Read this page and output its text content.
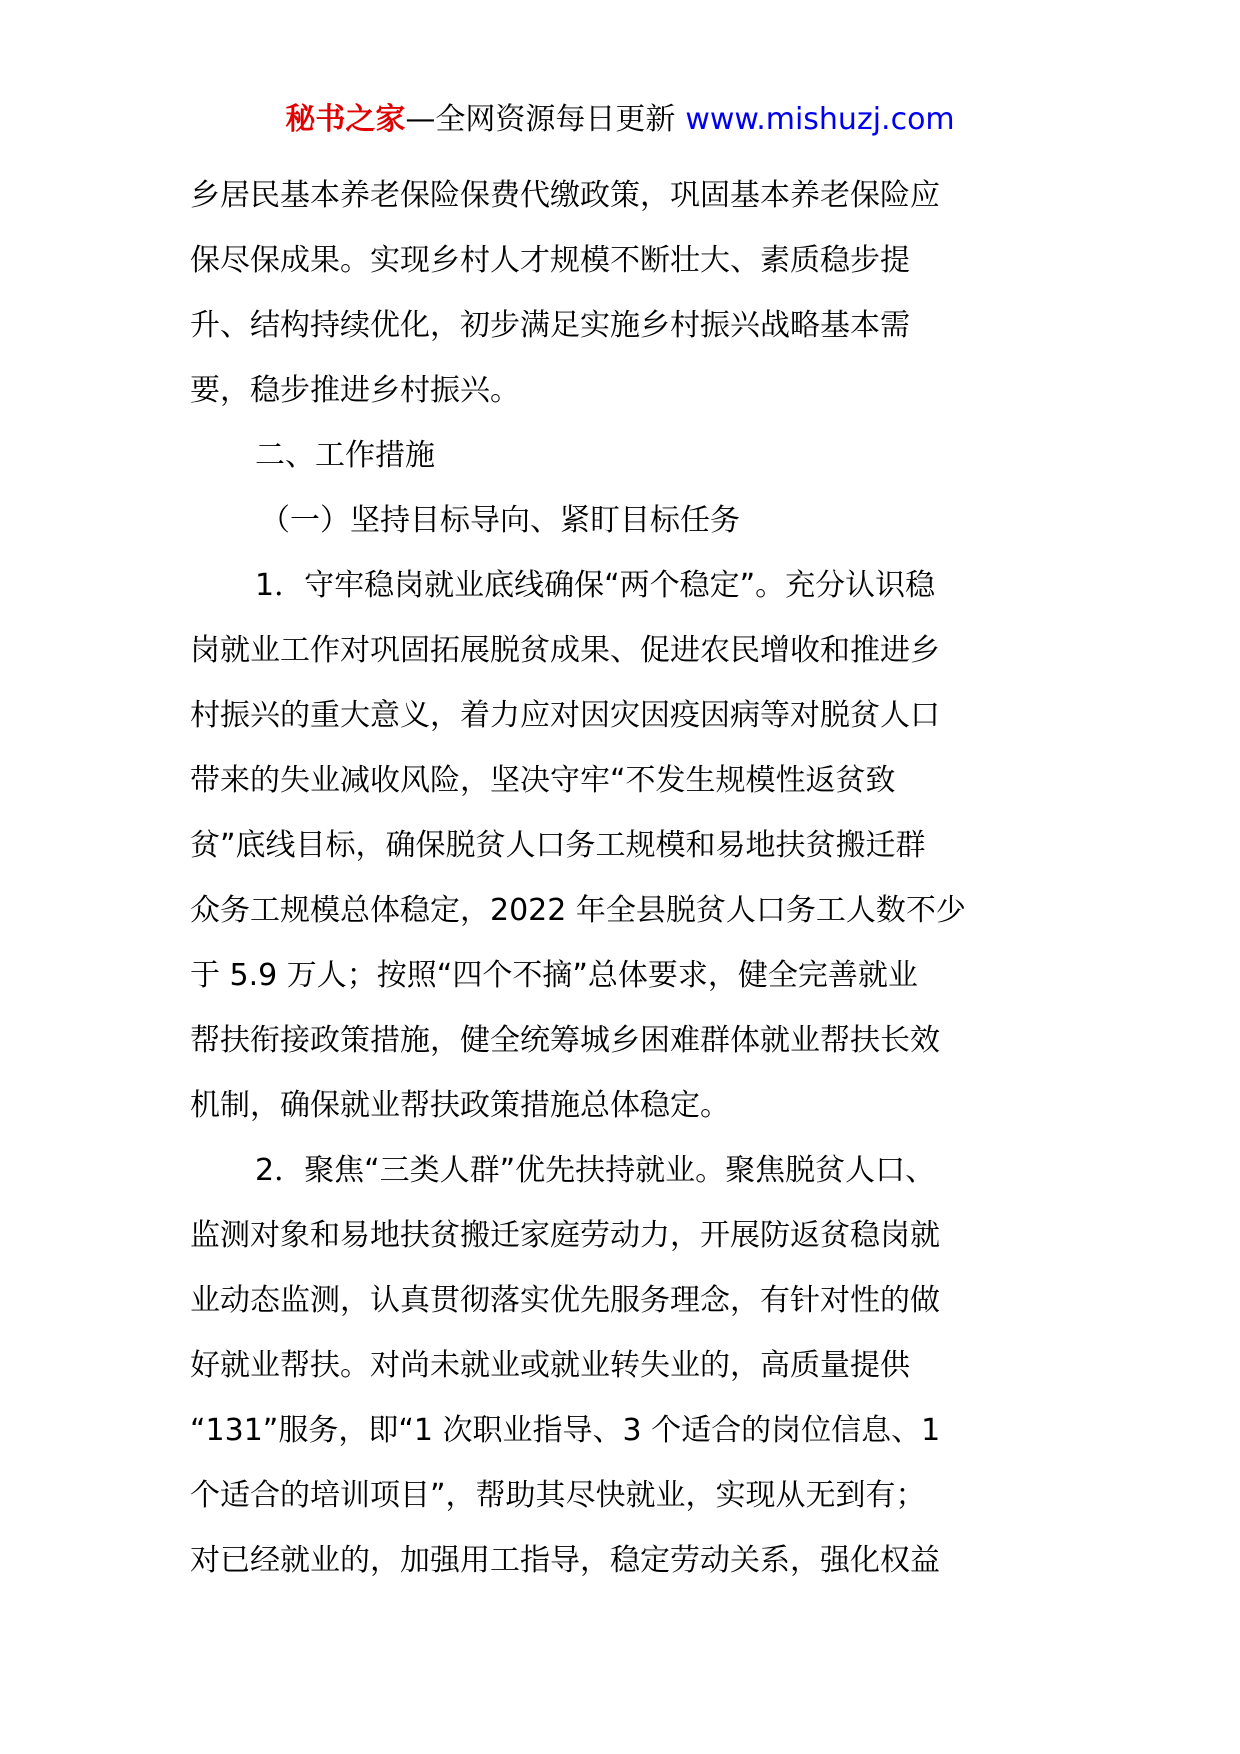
秘书之家—全网资源每日更新 www.mishuzj.com
乡居民基本养老保险保费代缴政策，巩固基本养老保险应
保尽保成果。实现乡村人才规模不断壮大、素质稳步提
升、结构持续优化，初步满足实施乡村振兴战略基本需
要，稳步推进乡村振兴。
二、工作措施
（一）坚持目标导向、紧盯目标任务
1．守牢稳岗就业底线确保“两个稳定”。充分认识稳
岗就业工作对巩固拓展脱贫成果、促进农民增收和推进乡
村振兴的重大意义，着力应对因灾因疫因病等对脱贫人口
带来的失业减收风险，坚决守牢“不发生规模性返贫致
贫”底线目标，确保脱贫人口务工规模和易地扶贫搬迁群
众务工规模总体稳定，2022 年全县脱贫人口务工人数不少
于 5.9 万人；按照“四个不摘”总体要求，健全完善就业
帮扶衔接政策措施，健全统筹城乡困难群体就业帮扶长效
机制，确保就业帮扶政策措施总体稳定。
2．聚焦“三类人群”优先扶持就业。聚焦脱贫人口、
监测对象和易地扶贫搬迁家庭劳动力，开展防返贫稳岗就
业动态监测，认真贯彻落实优先服务理念，有针对性的做
好就业帮扶。对尚未就业或就业转失业的，高质量提供
“131”服务，即“1 次职业指导、3 个适合的岗位信息、1
个适合的培训项目”，帮助其尽快就业，实现从无到有；
对已经就业的，加强用工指导，稳定劳动关系，强化权益
